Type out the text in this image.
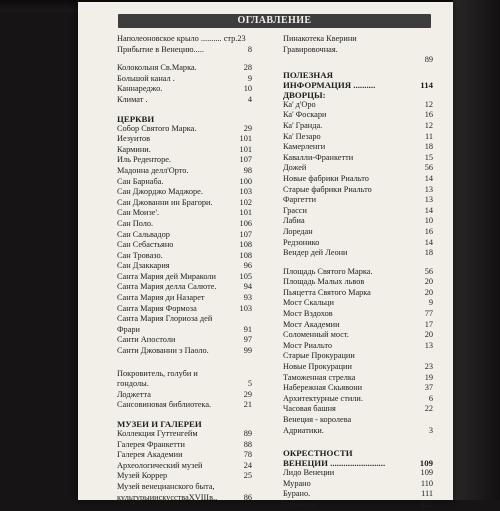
ОГЛАВЛЕНИЕ
Наполеоновское крыло .......... стр.23
Прибытие в Венецию.....	8
Колокольня Св.Марка.	28
Большой канал .	9
Каннареджо.	10
Климат .	4
ЦЕРКВИ
Собор Святого Марка.	29
Иезуитов	101
Кармини.	101
Иль Реденторе.	107
Мадонна делл'Орто.	98
Сан Барнаба.	100
Сан Джорджо Маджоре.	103
Сан Джованни ин Брагори.	102
Сан Моизе'.	101
Сан Поло.	106
Сан Сальвадор	107
Сан Себастьяно	108
Сан Тровазо.	108
Сан Дзаккария	96
Санта Мария дей Мираколи	105
Санта Мария делла Салюте.	94
Санта Мария ди Назарет	93
Санта Мария Формоза	103
Санта Мария Глориоза дей
Фрари	91
Санти Апостоли	97
Санти Джованни э Паоло.	99
Покровитель, голуби и
гондолы.	5
Лоджетта	29
Сансовиновая библиотека.	21
МУЗЕИ И ГАЛЕРЕИ
Коллекция Гуттенгейм	89
Галерея Франкетти	88
Галерея Академии	78
Археологический музей	24
Музей Коррер	25
Музей венецианского быта,
культурыиискусстваXVIIIв..	86
Пинакотека Кверини
Гравировочная.
89
ПОЛЕЗНАЯ
ИНФОРМАЦИЯ ..........	114
ДВОРЦЫ:
Ка' д'Оро	12
Ка' Фоскари	16
Ка' Гранда.	12
Ка' Пезаро	11
Камерленги	18
Кавалли-Франкетти	15
Дожей	56
Новые фабрики Риальто	14
Старые фабрики Риальто	13
Фаргетти	13
Грасси	14
Лабиа	10
Лоредан	16
Редзонико	14
Вендер дей Леони	18
Площадь Святого Марка.	56
Площадь Малых львов	20
Пьяцетта Святого Марка	20
Мост Скальци	9
Мост Вздохов	77
Мост Академии	17
Соломенный мост.	20
Мост Риальто	13
Старые Прокурации
Новые Прокурации	23
Таможенная стрелка	19
Набережная Скьявони	37
Архитектурные стили.	6
Часовая башня	22
Венеция - королева
Адриатики.	3
ОКРЕСТНОСТИ
ВЕНЕЦИИ .........................	109
Лидо Венеции	109
Мурано	110
Бурано.	111
Торчелло	112
